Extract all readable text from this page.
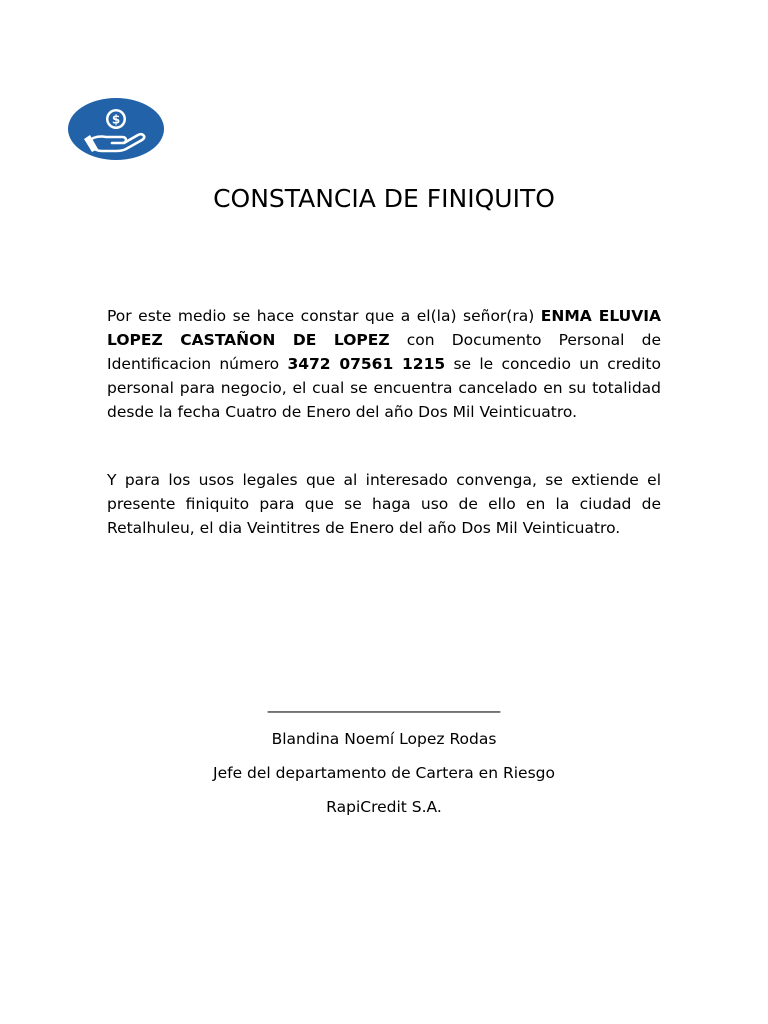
$
CONSTANCIA DE FINIQUITO

Por este medio se hace constar que a el(la) señor(ra) ENMA ELUVIA LOPEZ CASTAÑON DE LOPEZ con Documento Personal de Identificacion número 3472 07561 1215 se le concedio un credito personal para negocio, el cual se encuentra cancelado en su totalidad desde la fecha Cuatro de Enero del año Dos Mil Veinticuatro.

Y para los usos legales que al interesado convenga, se extiende el presente finiquito para que se haga uso de ello en la ciudad de Retalhuleu, el dia Veintitres de Enero del año Dos Mil Veinticuatro.

______________________________
Blandina Noemí Lopez Rodas
Jefe del departamento de Cartera en Riesgo
RapiCredit S.A.
